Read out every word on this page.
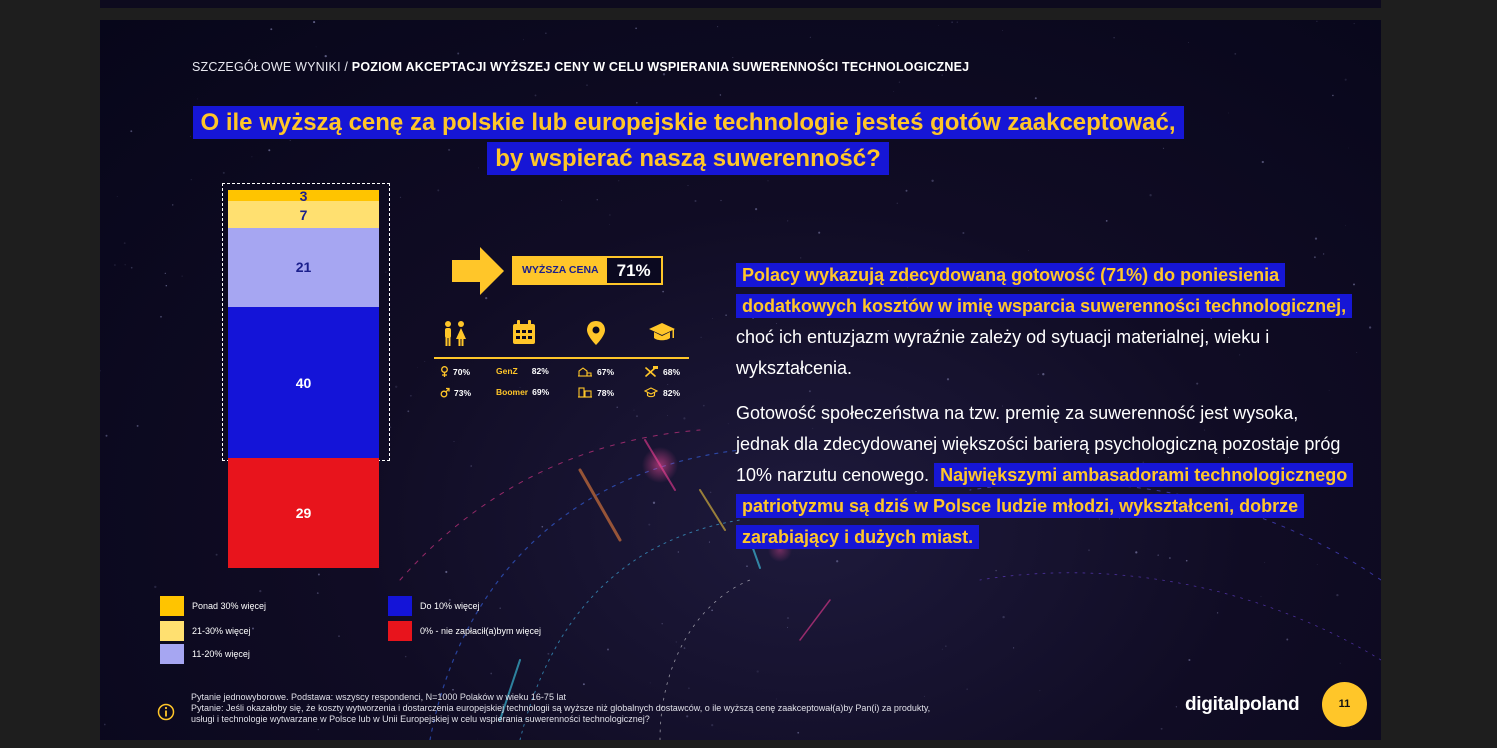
SZCZEGÓŁOWE WYNIKI / POZIOM AKCEPTACJI WYŻSZEJ CENY W CELU WSPIERANIA SUWERENNOŚCI TECHNOLOGICZNEJ
O ile wyższą cenę za polskie lub europejskie technologie jesteś gotów zaakceptować,
by wspierać naszą suwerenność?
WYŻSZA CENA	71%
70%	GenZ 82%	67%	68%
73%	Boomer 69%	78%	82%
Polacy wykazują zdecydowaną gotowość (71%) do poniesienia dodatkowych kosztów w imię wsparcia suwerenności technologicznej, choć ich entuzjazm wyraźnie zależy od sytuacji materialnej, wieku i wykształcenia.
Gotowość społeczeństwa na tzw. premię za suwerenność jest wysoka, jednak dla zdecydowanej większości barierą psychologiczną pozostaje próg 10% narzutu cenowego. Największymi ambasadorami technologicznego patriotyzmu są dziś w Polsce ludzie młodzi, wykształceni, dobrze zarabiający i dużych miast.
Pytanie jednowyborowe. Podstawa: wszyscy respondenci, N=1000 Polaków w wieku 16-75 lat
Pytanie: Jeśli okazałoby się, że koszty wytworzenia i dostarczenia europejskiej technologii są wyższe niż globalnych dostawców, o ile wyższą cenę zaakceptował(a)by Pan(i) za produkty, usługi i technologie wytwarzane w Polsce lub w Unii Europejskiej w celu wspierania suwerenności technologicznej?
digitalpoland	11
29
40
21
7
3
Ponad 30% więcej
21-30% więcej
11-20% więcej
Do 10% więcej
0% - nie zapłacił(a)bym więcej
